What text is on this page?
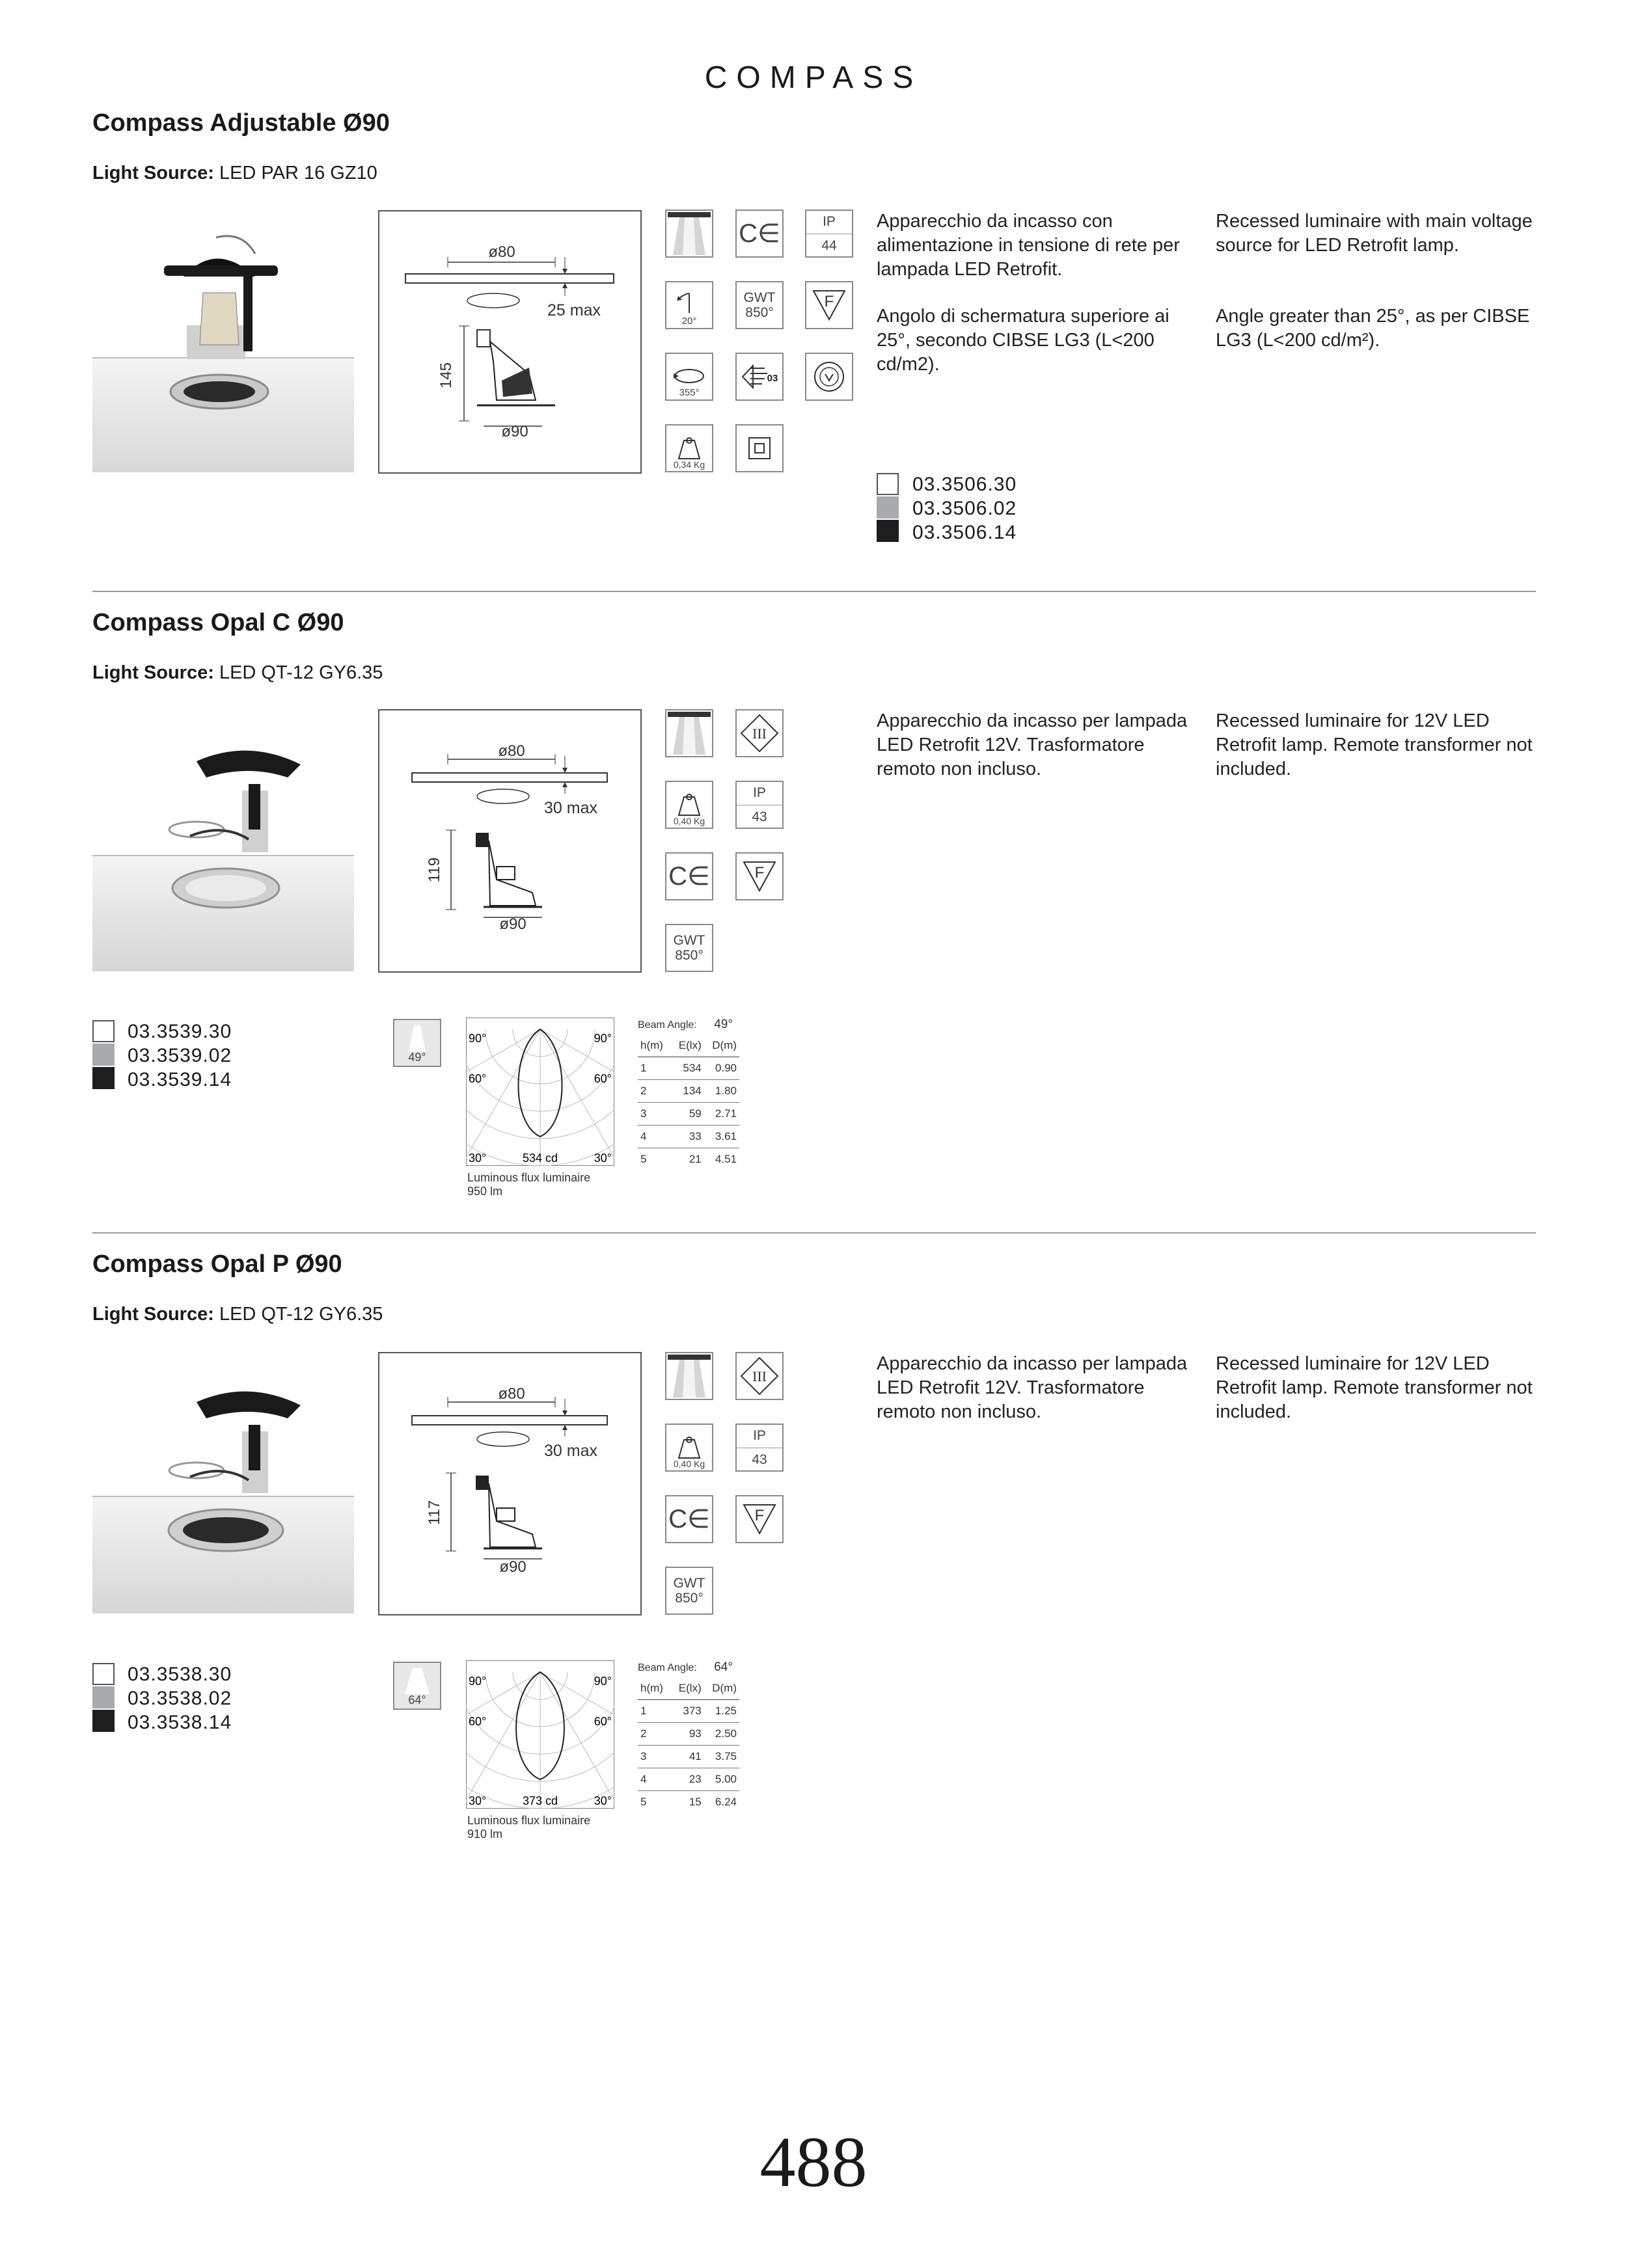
COMPASS
Compass Adjustable Ø90
Light Source: LED PAR 16 GZ10
ø80
25 max
145
ø90
C∈	IP
44
20°
GWT
850°
F
355°
03
0,34 Kg
Apparecchio da incasso con alimentazione in tensione di rete per lampada LED Retrofit.
Recessed luminaire with main voltage source for LED Retrofit lamp.
Angolo di schermatura superiore ai 25°, secondo CIBSE LG3 (L<200 cd/m2).
Angle greater than 25°, as per CIBSE LG3 (L<200 cd/m²).
03.3506.30
03.3506.02
03.3506.14
Compass Opal C Ø90
Light Source: LED QT-12 GY6.35
ø80
30 max
119
ø90
III
0,40 Kg
IP
43
C∈	F
GWT
850°
Apparecchio da incasso per lampada LED Retrofit 12V. Trasformatore remoto non incluso.
Recessed luminaire for 12V LED Retrofit lamp. Remote transformer not included.
03.3539.30
03.3539.02
03.3539.14
49°
90°	90°
60°	60°
30°	30°
534 cd
Luminous flux luminaire
950 lm
Beam Angle: 49°
h(m)	E(lx)	D(m)
1	534	0.90
2	134	1.80
3	59	2.71
4	33	3.61
5	21	4.51
Compass Opal P Ø90
Light Source: LED QT-12 GY6.35
ø80
30 max
117
ø90
III
0,40 Kg
IP
43
C∈	F
GWT
850°
Apparecchio da incasso per lampada LED Retrofit 12V. Trasformatore remoto non incluso.
Recessed luminaire for 12V LED Retrofit lamp. Remote transformer not included.
03.3538.30
03.3538.02
03.3538.14
64°
90°	90°
60°	60°
30°	30°
373 cd
Luminous flux luminaire
910 lm
Beam Angle: 64°
h(m)	E(lx)	D(m)
1	373	1.25
2	93	2.50
3	41	3.75
4	23	5.00
5	15	6.24
488
